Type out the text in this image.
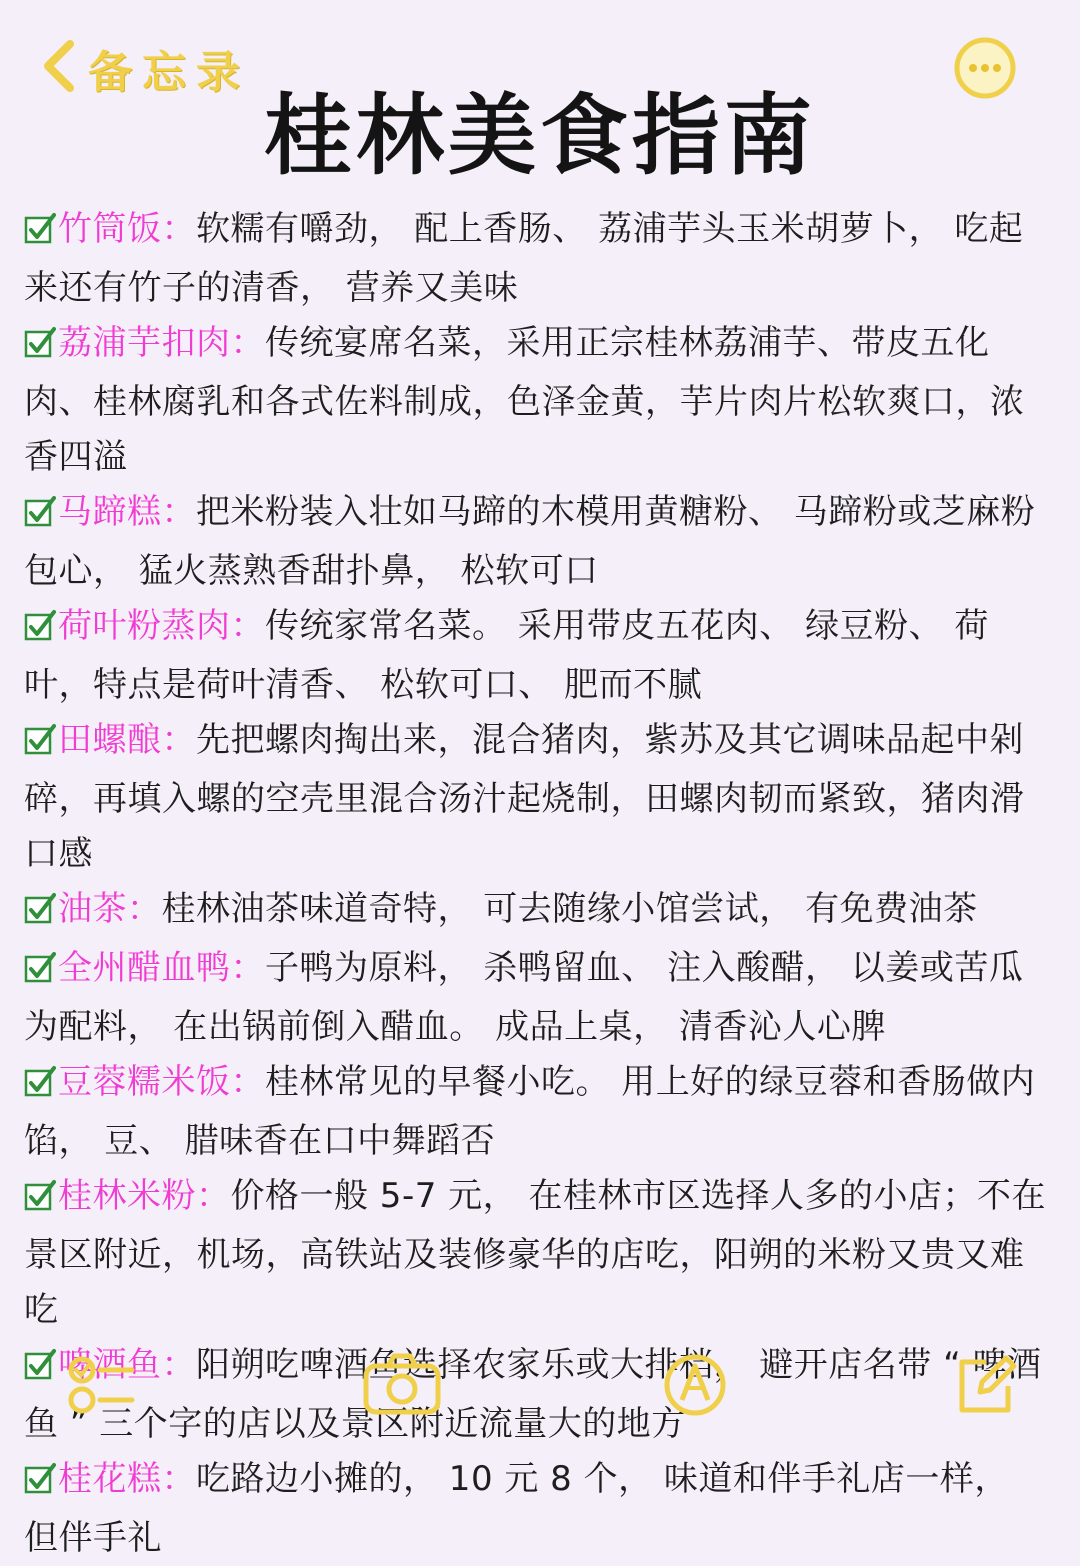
备忘录
桂林美食指南
竹筒饭：软糯有嚼劲， 配上香肠、 荔浦芋头玉米胡萝卜， 吃起来还有竹子的清香， 营养又美味
荔浦芋扣肉：传统宴席名菜，采用正宗桂林荔浦芋、带皮五化肉、桂林腐乳和各式佐料制成，色泽金黄，芋片肉片松软爽口，浓香四溢
马蹄糕：把米粉装入壮如马蹄的木模用黄糖粉、 马蹄粉或芝麻粉包心， 猛火蒸熟香甜扑鼻， 松软可口
荷叶粉蒸肉：传统家常名菜。 采用带皮五花肉、 绿豆粉、 荷叶，特点是荷叶清香、 松软可口、 肥而不腻
田螺酿：先把螺肉掏出来，混合猪肉，紫苏及其它调味品起中剁碎，再填入螺的空壳里混合汤汁起烧制，田螺肉韧而紧致，猪肉滑口感
油茶：桂林油茶味道奇特， 可去随缘小馆尝试， 有免费油茶
全州醋血鸭：子鸭为原料， 杀鸭留血、 注入酸醋， 以姜或苦瓜为配料， 在出锅前倒入醋血。 成品上桌， 清香沁人心脾
豆蓉糯米饭：桂林常见的早餐小吃。 用上好的绿豆蓉和香肠做内馅， 豆、 腊味香在口中舞蹈否
桂林米粉：价格一般 5-7 元， 在桂林市区选择人多的小店；不在景区附近，机场，高铁站及装修豪华的店吃，阳朔的米粉又贵又难吃
啤酒鱼：阳朔吃啤酒鱼选择农家乐或大排档， 避开店名带 “ 啤酒鱼 ” 三个字的店以及景区附近流量大的地方
桂花糕：吃路边小摊的， 10 元 8 个， 味道和伴手礼店一样， 但伴手礼
